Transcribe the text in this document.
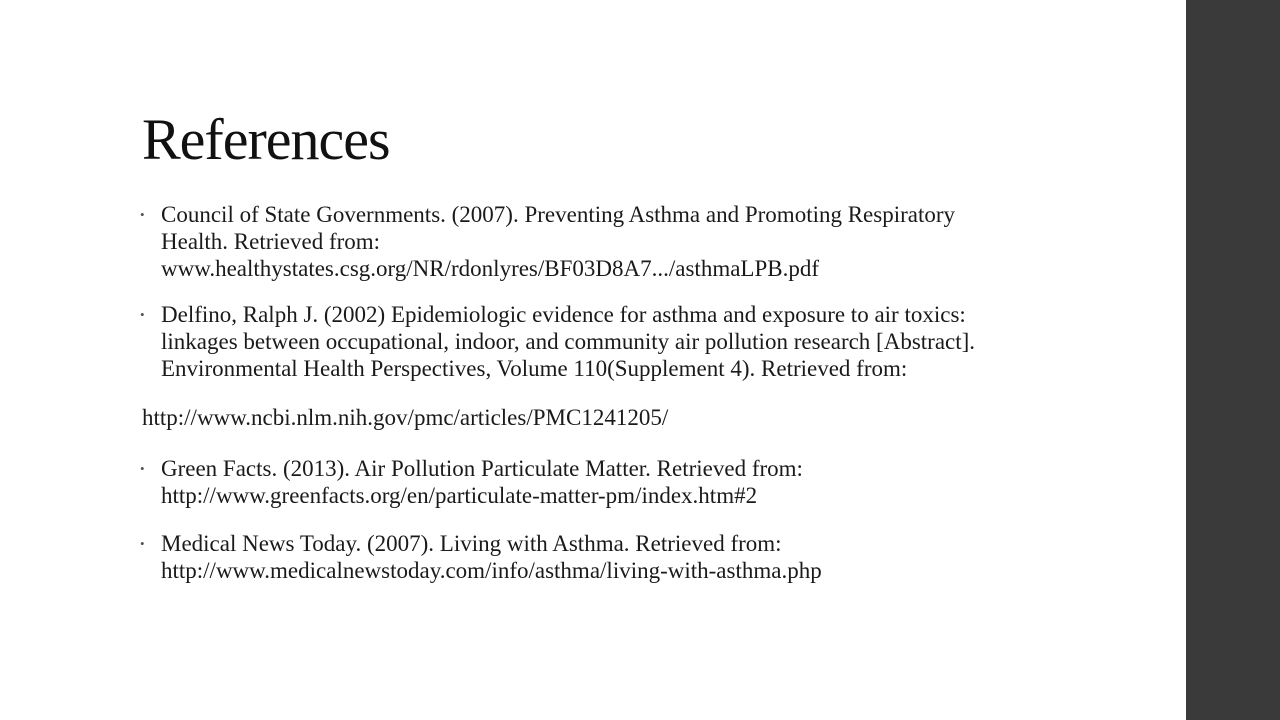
References
• Council of State Governments. (2007). Preventing Asthma and Promoting Respiratory
Health. Retrieved from:
www.healthystates.csg.org/NR/rdonlyres/BF03D8A7.../asthmaLPB.pdf
• Delfino, Ralph J. (2002) Epidemiologic evidence for asthma and exposure to air toxics:
linkages between occupational, indoor, and community air pollution research [Abstract].
Environmental Health Perspectives, Volume 110(Supplement 4). Retrieved from:
http://www.ncbi.nlm.nih.gov/pmc/articles/PMC1241205/
• Green Facts. (2013). Air Pollution Particulate Matter. Retrieved from:
http://www.greenfacts.org/en/particulate-matter-pm/index.htm#2
• Medical News Today. (2007). Living with Asthma. Retrieved from:
http://www.medicalnewstoday.com/info/asthma/living-with-asthma.php
